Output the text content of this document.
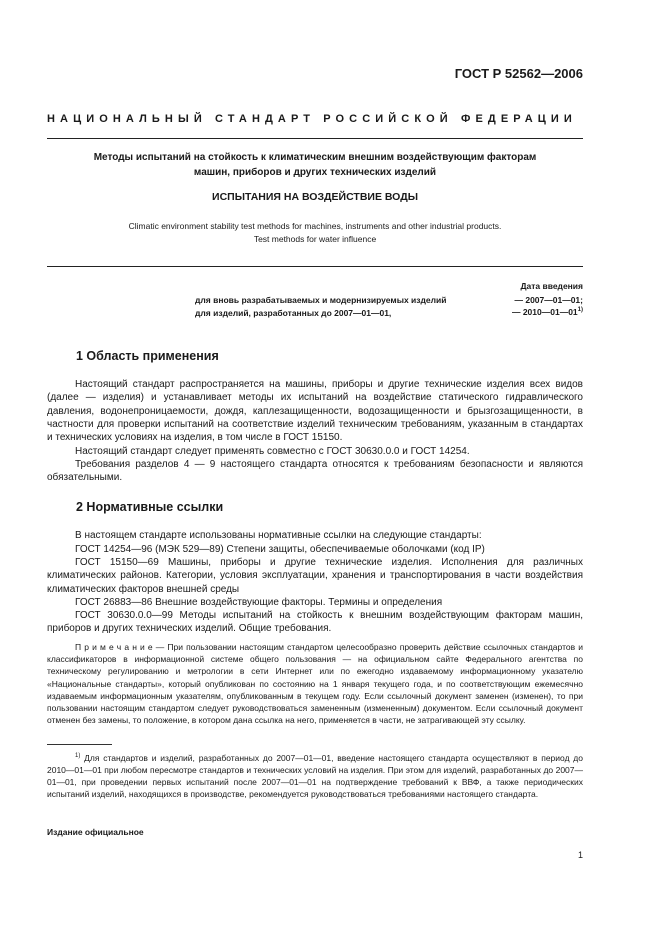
ГОСТ Р 52562—2006
НАЦИОНАЛЬНЫЙ СТАНДАРТ РОССИЙСКОЙ ФЕДЕРАЦИИ
Методы испытаний на стойкость к климатическим внешним воздействующим факторам
машин, приборов и других технических изделий
ИСПЫТАНИЯ НА ВОЗДЕЙСТВИЕ ВОДЫ
Climatic environment stability test methods for machines, instruments and other industrial products.
Test methods for water influence
Дата введения
для вновь разрабатываемых и модернизируемых изделий	— 2007—01—01;
для изделий, разработанных до 2007—01—01,	— 2010—01—01$^{1)}$
1 Область применения

Настоящий стандарт распространяется на машины, приборы и другие технические изделия всех видов (далее — изделия) и устанавливает методы их испытаний на воздействие статического гидравлического давления, водонепроницаемости, дождя, каплезащищенности, водозащищенности и брызгозащищенности, в частности для проверки испытаний на соответствие изделий техническим требованиям, указанным в стандартах и технических условиях на изделия, в том числе в ГОСТ 15150.

Настоящий стандарт следует применять совместно с ГОСТ 30630.0.0 и ГОСТ 14254.

Требования разделов 4 — 9 настоящего стандарта относятся к требованиям безопасности и являются обязательными.

2 Нормативные ссылки

В настоящем стандарте использованы нормативные ссылки на следующие стандарты:

ГОСТ 14254—96 (МЭК 529—89) Степени защиты, обеспечиваемые оболочками (код IP)

ГОСТ 15150—69 Машины, приборы и другие технические изделия. Исполнения для различных климатических районов. Категории, условия эксплуатации, хранения и транспортирования в части воздействия климатических факторов внешней среды

ГОСТ 26883—86 Внешние воздействующие факторы. Термины и определения

ГОСТ 30630.0.0—99 Методы испытаний на стойкость к внешним воздействующим факторам машин, приборов и других технических изделий. Общие требования.

П р и м е ч а н и е — При пользовании настоящим стандартом целесообразно проверить действие ссылочных стандартов и классификаторов в информационной системе общего пользования — на официальном сайте Федерального агентства по техническому регулированию и метрологии в сети Интернет или по ежегодно издаваемому информационному указателю «Национальные стандарты», который опубликован по состоянию на 1 января текущего года, и по соответствующим ежемесячно издаваемым информационным указателям, опубликованным в текущем году. Если ссылочный документ заменен (изменен), то при пользовании настоящим стандартом следует руководствоваться замененным (измененным) документом. Если ссылочный документ отменен без замены, то положение, в котором дана ссылка на него, применяется в части, не затрагивающей эту ссылку.

$^{1)}$ Для стандартов и изделий, разработанных до 2007—01—01, введение настоящего стандарта осуществляют в период до 2010—01—01 при любом пересмотре стандартов и технических условий на изделия. При этом для изделий, разработанных до 2007—01—01, при проведении первых испытаний после 2007—01—01 на подтверждение требований к ВВФ, а также периодических испытаний изделий, находящихся в производстве, рекомендуется руководствоваться требованиями настоящего стандарта.

Издание официальное
1
